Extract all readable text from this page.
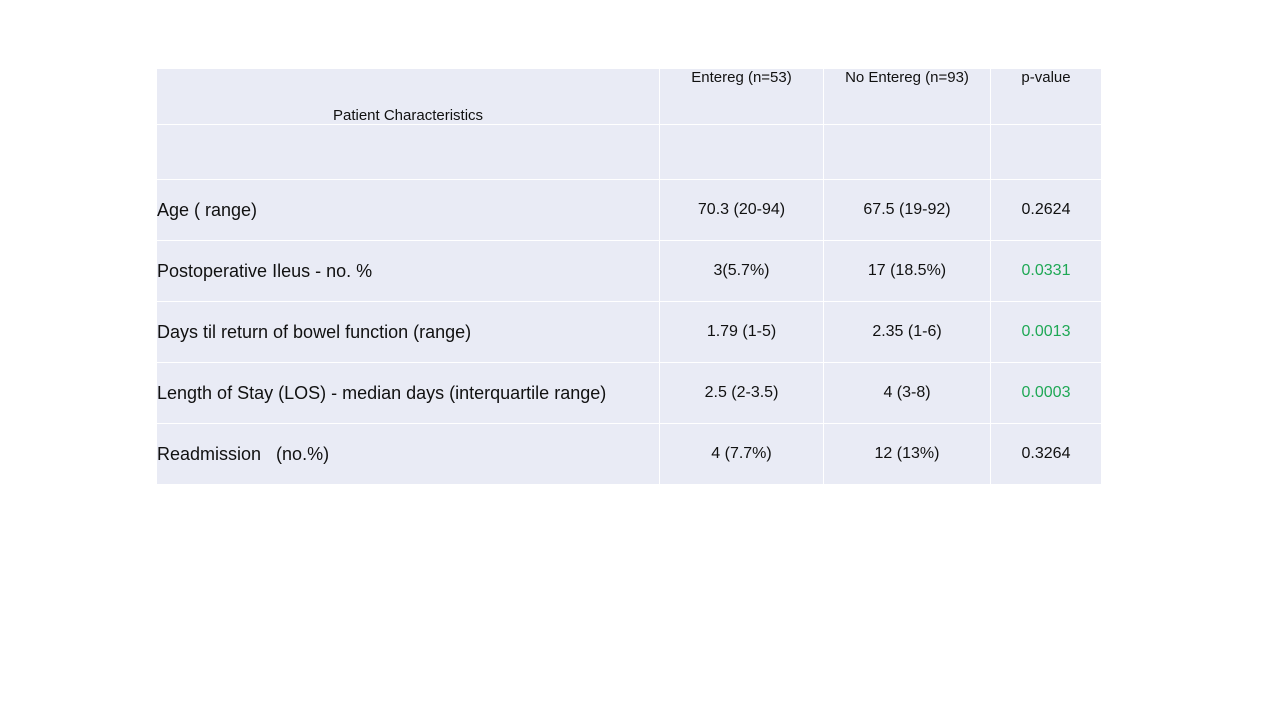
Patient Characteristics	Entereg (n=53)	No Entereg (n=93)	p-value

Age ( range)	70.3 (20-94)	67.5 (19-92)	0.2624
Postoperative Ileus - no. %	3(5.7%)	17 (18.5%)	0.0331
Days til return of bowel function (range)	1.79 (1-5)	2.35 (1-6)	0.0013
Length of Stay (LOS) - median days (interquartile range)	2.5 (2-3.5)	4 (3-8)	0.0003
Readmission   (no.%)	4 (7.7%)	12 (13%)	0.3264
